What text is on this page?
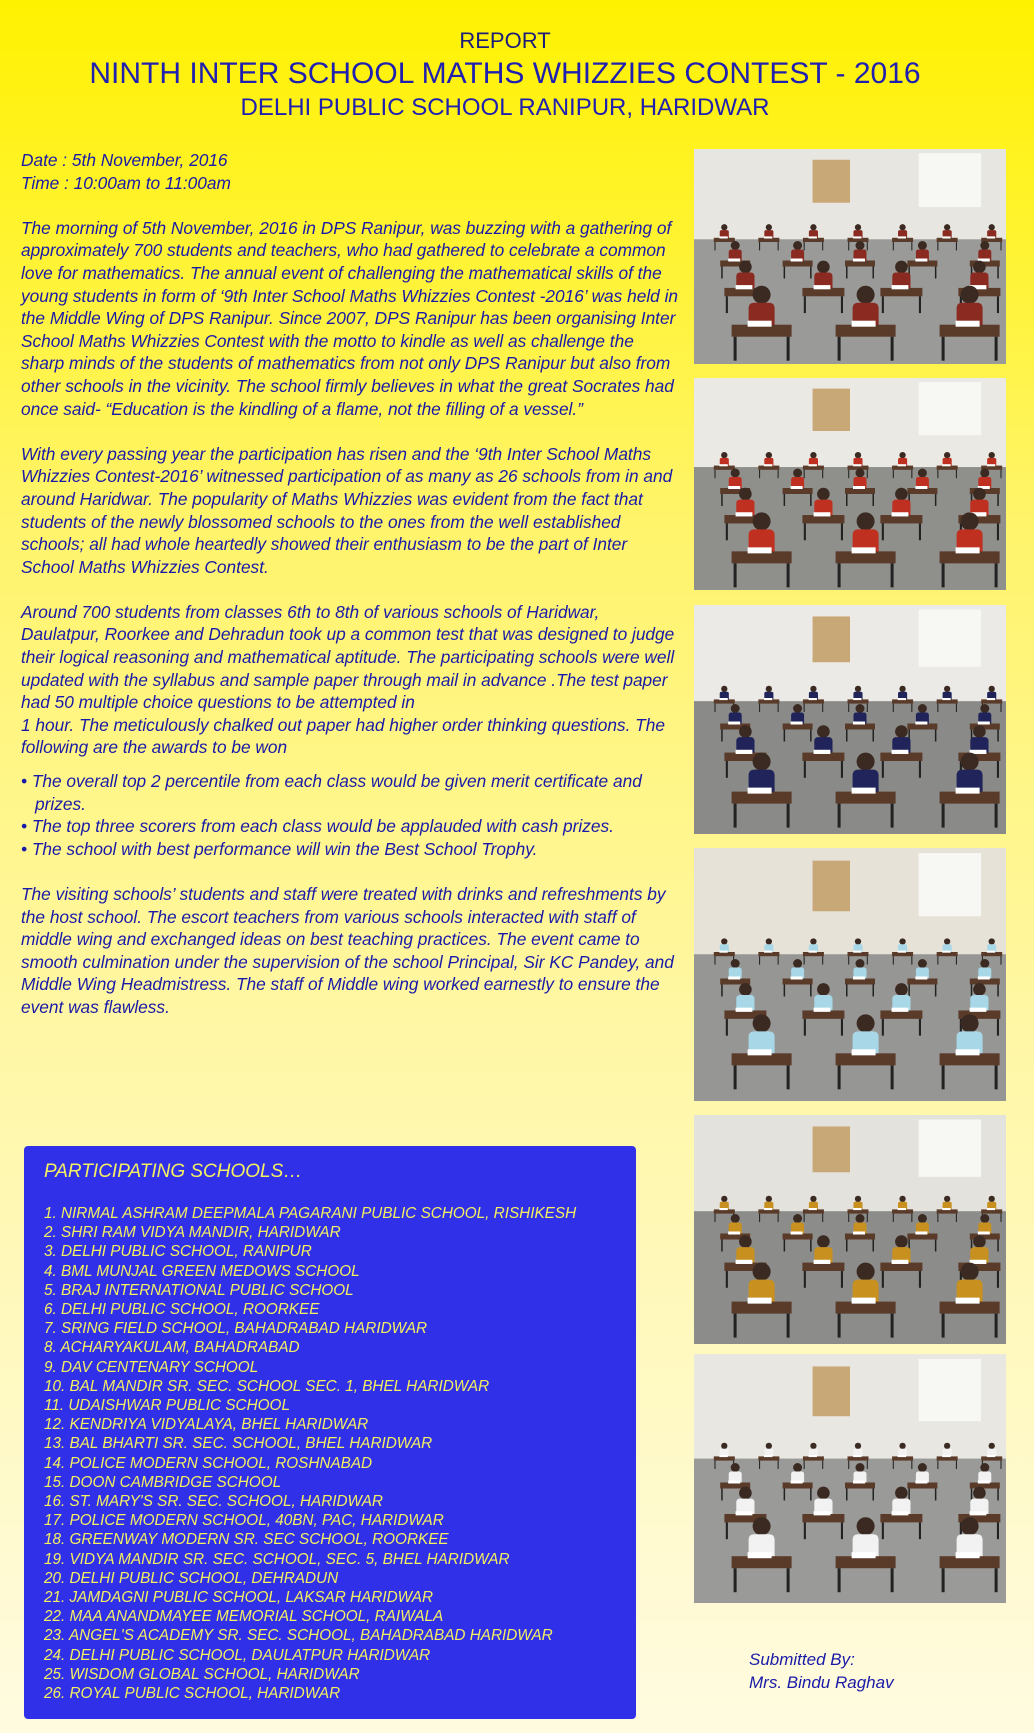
REPORT
NINTH INTER SCHOOL MATHS WHIZZIES CONTEST - 2016
DELHI PUBLIC SCHOOL RANIPUR, HARIDWAR

Date : 5th November, 2016

Time : 10:00am to 11:00am

The morning of 5th November, 2016 in DPS Ranipur, was buzzing with a gathering of approximately 700 students and teachers, who had gathered to celebrate a common love for mathematics. The annual event of challenging the mathematical skills of the young students in form of ‘9th Inter School Maths Whizzies Contest -2016’ was held in the Middle Wing of DPS Ranipur. Since 2007, DPS Ranipur has been organising Inter School Maths Whizzies Contest with the motto to kindle as well as challenge the sharp minds of the students of mathematics from not only DPS Ranipur but also from other schools in the vicinity. The school firmly believes in what the great Socrates had once said- “Education is the kindling of a flame, not the filling of a vessel.”

With every passing year the participation has risen and the ‘9th Inter School Maths Whizzies Contest-2016’ witnessed participation of as many as 26 schools from in and around Haridwar. The popularity of Maths Whizzies was evident from the fact that students of the newly blossomed schools to the ones from the well established schools; all had whole heartedly showed their enthusiasm to be the part of Inter School Maths Whizzies Contest.

Around 700 students from classes 6th to 8th of various schools of Haridwar, Daulatpur, Roorkee and Dehradun took up a common test that was designed to judge their logical reasoning and mathematical aptitude. The participating schools were well updated with the syllabus and sample paper through mail in advance .The test paper had 50 multiple choice questions to be attempted in

1 hour. The meticulously chalked out paper had higher order thinking questions. The following are the awards to be won

• The overall top 2 percentile from each class would be given merit certificate and prizes.

• The top three scorers from each class would be applauded with cash prizes.

• The school with best performance will win the Best School Trophy.

The visiting schools’ students and staff were treated with drinks and refreshments by the host school. The escort teachers from various schools interacted with staff of middle wing and exchanged ideas on best teaching practices. The event came to smooth culmination under the supervision of the school Principal, Sir KC Pandey, and Middle Wing Headmistress. The staff of Middle wing worked earnestly to ensure the event was flawless.

PARTICIPATING SCHOOLS…
1. NIRMAL ASHRAM DEEPMALA PAGARANI PUBLIC SCHOOL, RISHIKESH
2. SHRI RAM VIDYA MANDIR, HARIDWAR
3. DELHI PUBLIC SCHOOL, RANIPUR
4. BML MUNJAL GREEN MEDOWS SCHOOL
5. BRAJ INTERNATIONAL PUBLIC SCHOOL
6. DELHI PUBLIC SCHOOL, ROORKEE
7. SRING FIELD SCHOOL, BAHADRABAD HARIDWAR
8. ACHARYAKULAM, BAHADRABAD
9. DAV CENTENARY SCHOOL
10. BAL MANDIR SR. SEC. SCHOOL SEC. 1, BHEL HARIDWAR
11. UDAISHWAR PUBLIC SCHOOL
12. KENDRIYA VIDYALAYA, BHEL HARIDWAR
13. BAL BHARTI SR. SEC. SCHOOL, BHEL HARIDWAR
14. POLICE MODERN SCHOOL, ROSHNABAD
15. DOON CAMBRIDGE SCHOOL
16. ST. MARY'S SR. SEC. SCHOOL, HARIDWAR
17. POLICE MODERN SCHOOL, 40BN, PAC, HARIDWAR
18. GREENWAY MODERN SR. SEC SCHOOL, ROORKEE
19. VIDYA MANDIR SR. SEC. SCHOOL, SEC. 5, BHEL HARIDWAR
20. DELHI PUBLIC SCHOOL, DEHRADUN
21. JAMDAGNI PUBLIC SCHOOL, LAKSAR HARIDWAR
22. MAA ANANDMAYEE MEMORIAL SCHOOL, RAIWALA
23. ANGEL'S ACADEMY SR. SEC. SCHOOL, BAHADRABAD HARIDWAR
24. DELHI PUBLIC SCHOOL, DAULATPUR HARIDWAR
25. WISDOM GLOBAL SCHOOL, HARIDWAR
26. ROYAL PUBLIC SCHOOL, HARIDWAR
Submitted By:
Mrs. Bindu Raghav
